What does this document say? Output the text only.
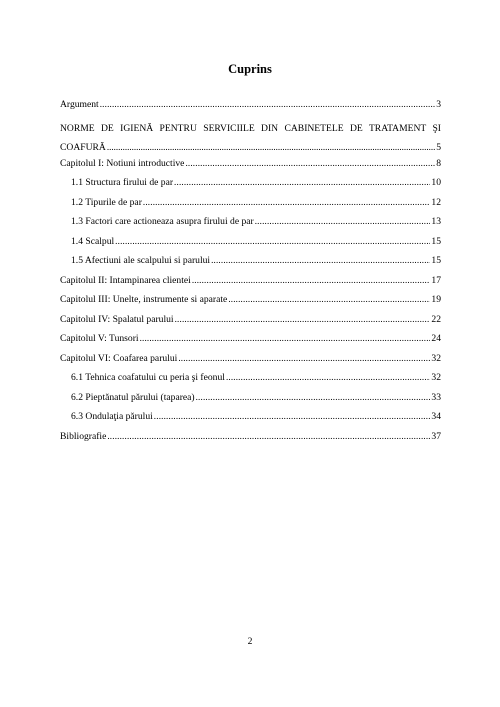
Cuprins
Argument .....	3
NORME DE IGIENĂ PENTRU SERVICIILE DIN CABINETELE DE TRATAMENT ŞI
COAFURĂ .....	5
Capitolul I: Notiuni introductive .....	8
1.1 Structura firului de par .....	10
1.2 Tipurile de par .....	12
1.3 Factori care actioneaza asupra firului de par .....	13
1.4 Scalpul .....	15
1.5 Afectiuni ale scalpului si parului .....	15
Capitolul II: Intampinarea clientei .....	17
Capitolul III: Unelte, instrumente si aparate .....	19
Capitolul IV: Spalatul parului .....	22
Capitolul V: Tunsori .....	24
Capitolul VI: Coafarea parului .....	32
6.1 Tehnica coafatului cu peria şi feonul .....	32
6.2 Pieptănatul părului (taparea) .....	33
6.3 Ondulaţia părului .....	34
Bibliografie .....	37
2
